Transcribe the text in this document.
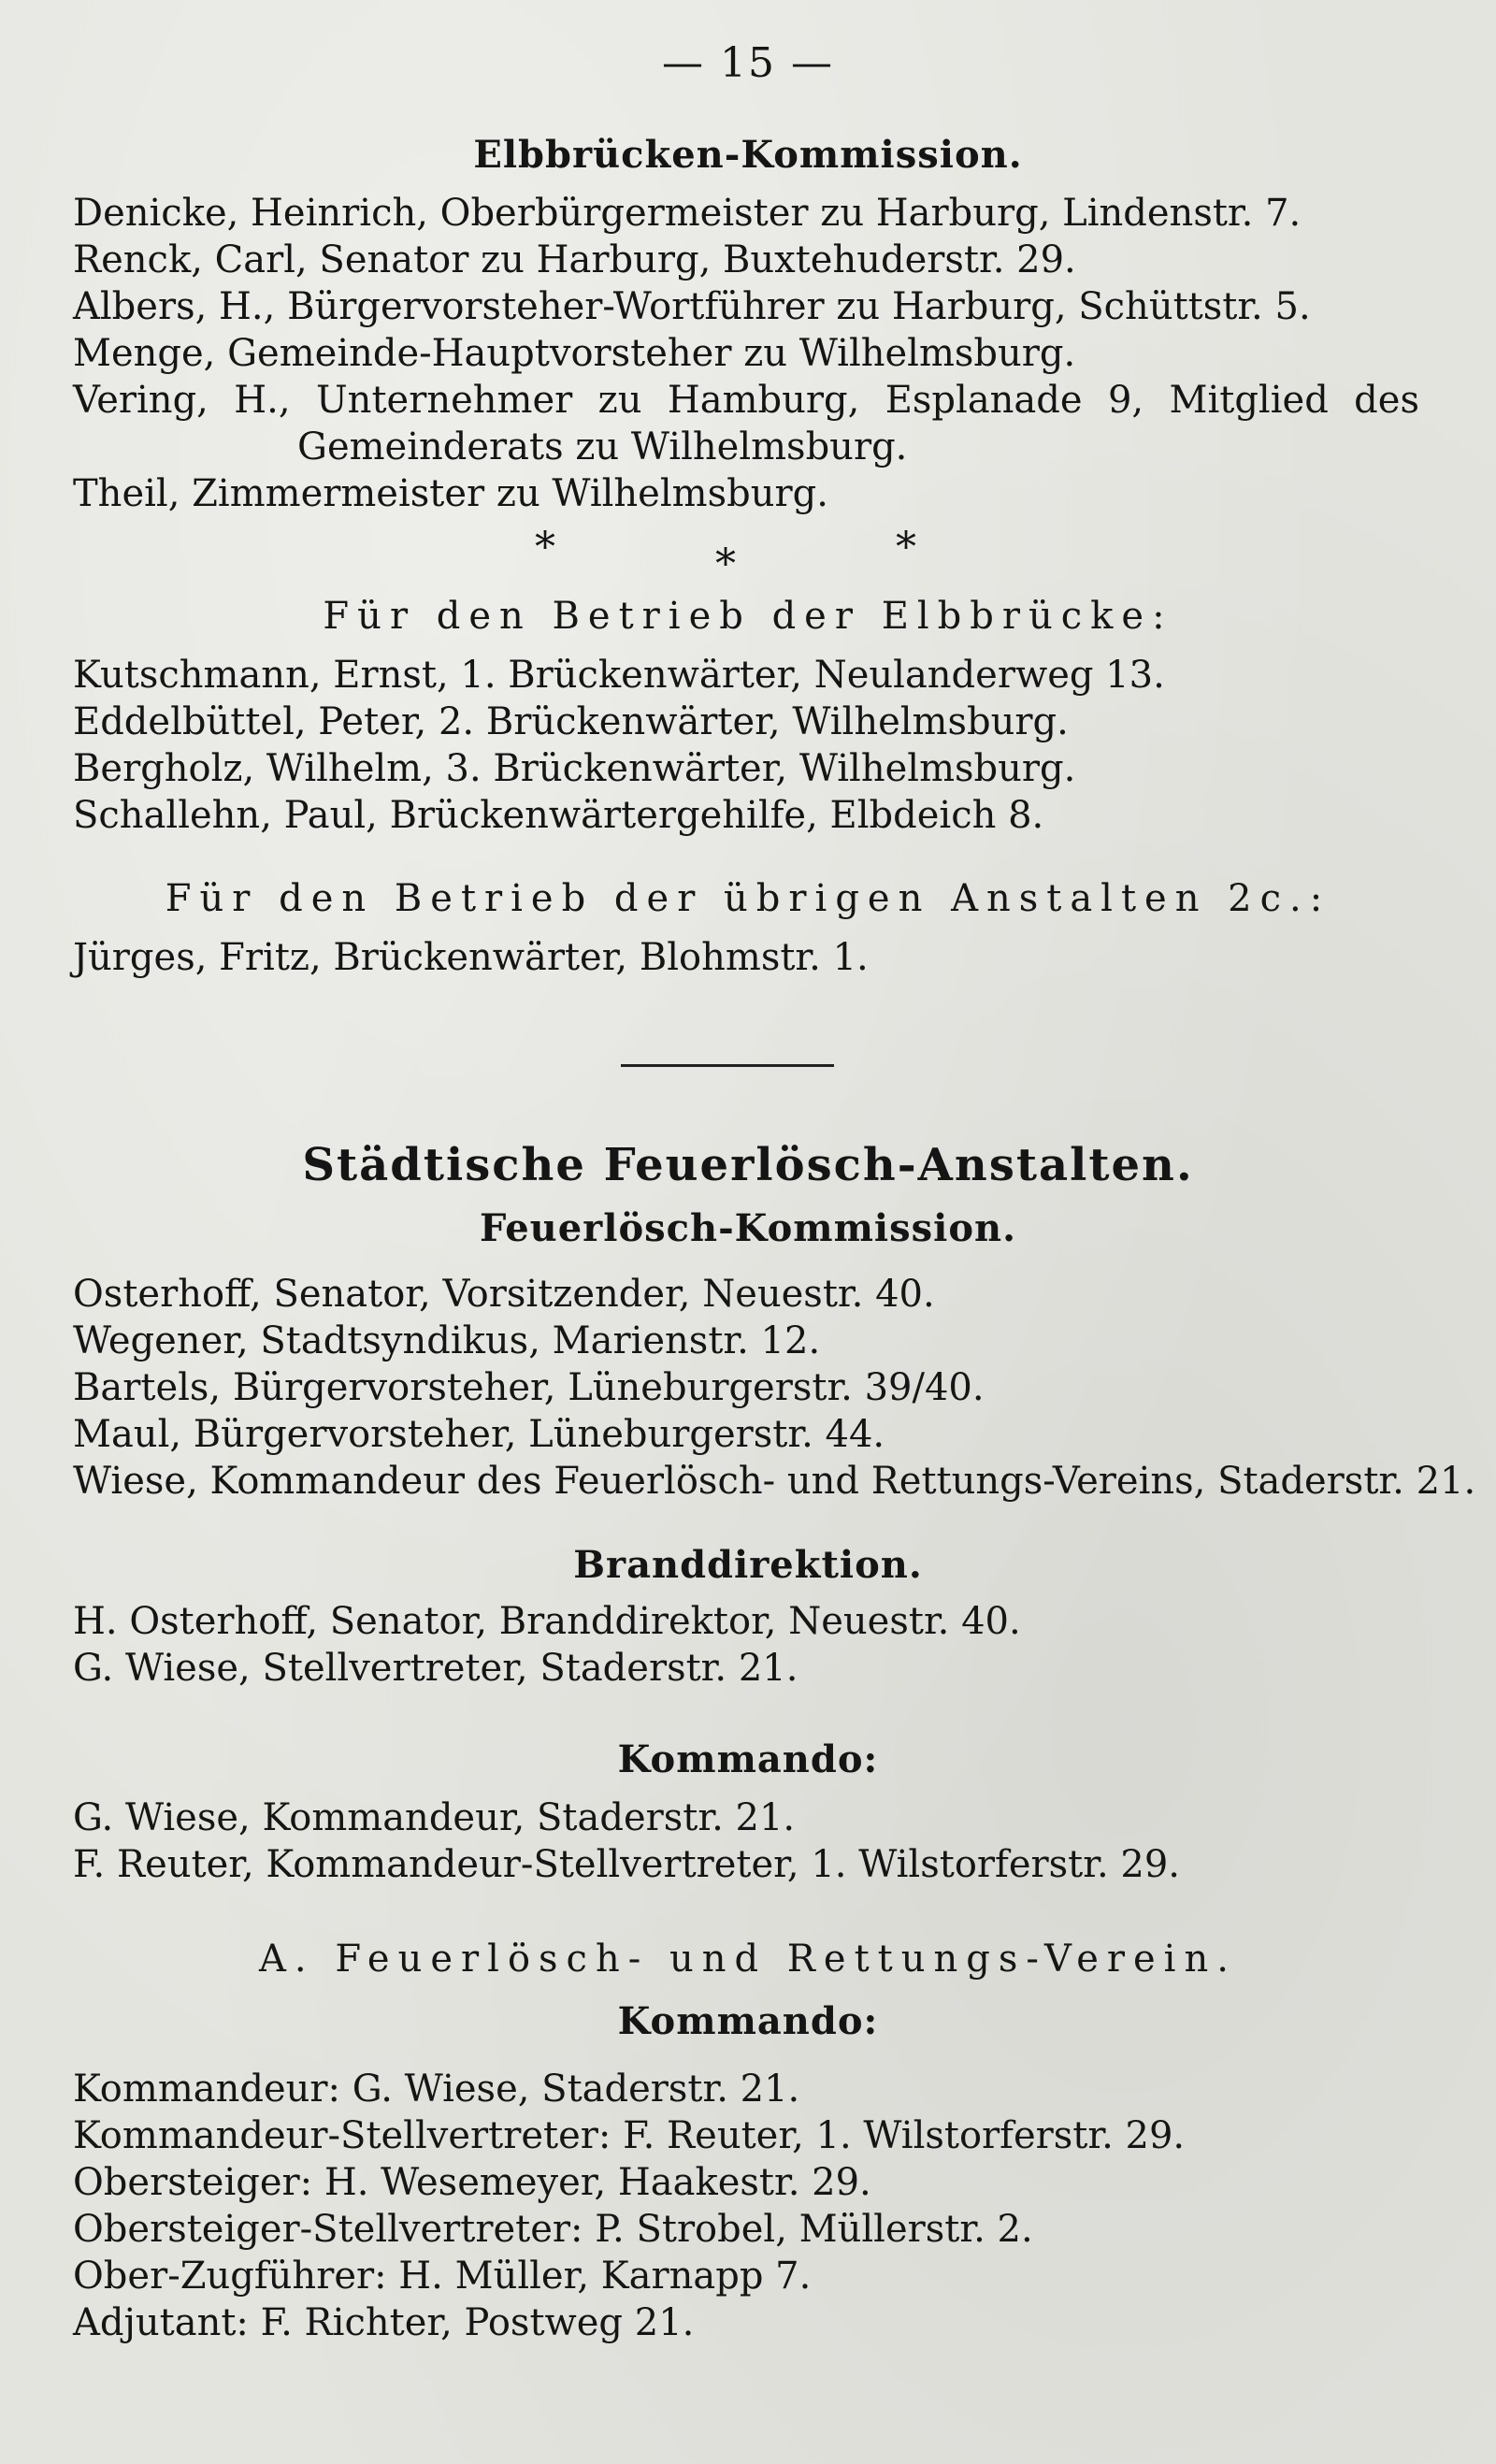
— 15 —
Elbbrücken-Kommission.
Denicke, Heinrich, Oberbürgermeister zu Harburg, Lindenstr. 7.
Renck, Carl, Senator zu Harburg, Buxtehuderstr. 29.
Albers, H., Bürgervorsteher-Wortführer zu Harburg, Schüttstr. 5.
Menge, Gemeinde-Hauptvorsteher zu Wilhelmsburg.
Vering, H., Unternehmer zu Hamburg, Esplanade 9, Mitglied des
Gemeinderats zu Wilhelmsburg.
Theil, Zimmermeister zu Wilhelmsburg.
*	*	*
Für den Betrieb der Elbbrücke:
Kutschmann, Ernst, 1. Brückenwärter, Neulanderweg 13.
Eddelbüttel, Peter, 2. Brückenwärter, Wilhelmsburg.
Bergholz, Wilhelm, 3. Brückenwärter, Wilhelmsburg.
Schallehn, Paul, Brückenwärtergehilfe, Elbdeich 8.
Für den Betrieb der übrigen Anstalten 2c.:
Jürges, Fritz, Brückenwärter, Blohmstr. 1.
Städtische Feuerlösch-Anstalten.
Feuerlösch-Kommission.
Osterhoff, Senator, Vorsitzender, Neuestr. 40.
Wegener, Stadtsyndikus, Marienstr. 12.
Bartels, Bürgervorsteher, Lüneburgerstr. 39/40.
Maul, Bürgervorsteher, Lüneburgerstr. 44.
Wiese, Kommandeur des Feuerlösch- und Rettungs-Vereins, Staderstr. 21.
Branddirektion.
H. Osterhoff, Senator, Branddirektor, Neuestr. 40.
G. Wiese, Stellvertreter, Staderstr. 21.
Kommando:
G. Wiese, Kommandeur, Staderstr. 21.
F. Reuter, Kommandeur-Stellvertreter, 1. Wilstorferstr. 29.
A. Feuerlösch- und Rettungs-Verein.
Kommando:
Kommandeur: G. Wiese, Staderstr. 21.
Kommandeur-Stellvertreter: F. Reuter, 1. Wilstorferstr. 29.
Obersteiger: H. Wesemeyer, Haakestr. 29.
Obersteiger-Stellvertreter: P. Strobel, Müllerstr. 2.
Ober-Zugführer: H. Müller, Karnapp 7.
Adjutant: F. Richter, Postweg 21.
